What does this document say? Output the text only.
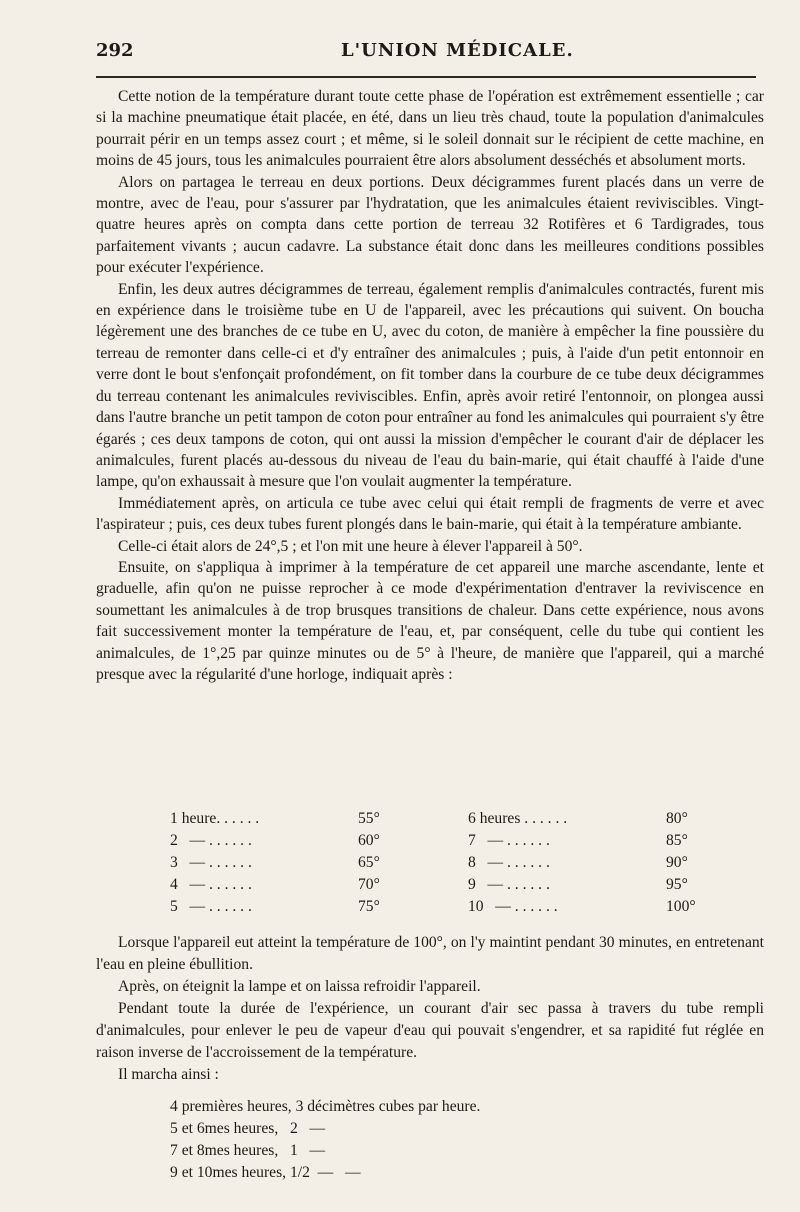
292	L'UNION MÉDICALE.

Cette notion de la température durant toute cette phase de l'opération est extrêmement essentielle ; car si la machine pneumatique était placée, en été, dans un lieu très chaud, toute la population d'animalcules pourrait périr en un temps assez court ; et même, si le soleil donnait sur le récipient de cette machine, en moins de 45 jours, tous les animalcules pourraient être alors absolument desséchés et absolument morts.

Alors on partagea le terreau en deux portions. Deux décigrammes furent placés dans un verre de montre, avec de l'eau, pour s'assurer par l'hydratation, que les animalcules étaient reviviscibles. Vingt-quatre heures après on compta dans cette portion de terreau 32 Rotifères et 6 Tardigrades, tous parfaitement vivants ; aucun cadavre. La substance était donc dans les meilleures conditions possibles pour exécuter l'expérience.

Enfin, les deux autres décigrammes de terreau, également remplis d'animalcules contractés, furent mis en expérience dans le troisième tube en U de l'appareil, avec les précautions qui suivent. On boucha légèrement une des branches de ce tube en U, avec du coton, de manière à empêcher la fine poussière du terreau de remonter dans celle-ci et d'y entraîner des animalcules ; puis, à l'aide d'un petit entonnoir en verre dont le bout s'enfonçait profondément, on fit tomber dans la courbure de ce tube deux décigrammes du terreau contenant les animalcules reviviscibles. Enfin, après avoir retiré l'entonnoir, on plongea aussi dans l'autre branche un petit tampon de coton pour entraîner au fond les animalcules qui pourraient s'y être égarés ; ces deux tampons de coton, qui ont aussi la mission d'empêcher le courant d'air de déplacer les animalcules, furent placés au-dessous du niveau de l'eau du bain-marie, qui était chauffé à l'aide d'une lampe, qu'on exhaussait à mesure que l'on voulait augmenter la température.

Immédiatement après, on articula ce tube avec celui qui était rempli de fragments de verre et avec l'aspirateur ; puis, ces deux tubes furent plongés dans le bain-marie, qui était à la température ambiante.

Celle-ci était alors de 24°,5 ; et l'on mit une heure à élever l'appareil à 50°.

Ensuite, on s'appliqua à imprimer à la température de cet appareil une marche ascendante, lente et graduelle, afin qu'on ne puisse reprocher à ce mode d'expérimentation d'entraver la reviviscence en soumettant les animalcules à de trop brusques transitions de chaleur. Dans cette expérience, nous avons fait successivement monter la température de l'eau, et, par conséquent, celle du tube qui contient les animalcules, de 1°,25 par quinze minutes ou de 5° à l'heure, de manière que l'appareil, qui a marché presque avec la régularité d'une horloge, indiquait après :

1 heure. . . . . .	55°	6 heures . . . . . .	80°
2   — . . . . . .	60°	7   — . . . . . .	85°
3   — . . . . . .	65°	8   — . . . . . .	90°
4   — . . . . . .	70°	9   — . . . . . .	95°
5   — . . . . . .	75°	10   — . . . . . .	100°

Lorsque l'appareil eut atteint la température de 100°, on l'y maintint pendant 30 minutes, en entretenant l'eau en pleine ébullition.

Après, on éteignit la lampe et on laissa refroidir l'appareil.

Pendant toute la durée de l'expérience, un courant d'air sec passa à travers du tube rempli d'animalcules, pour enlever le peu de vapeur d'eau qui pouvait s'engendrer, et sa rapidité fut réglée en raison inverse de l'accroissement de la température.

Il marcha ainsi :

4 premières heures, 3 décimètres cubes par heure.
5 et 6mes heures,   2   —
7 et 8mes heures,   1   —
9 et 10mes heures, 1/2  —   —
